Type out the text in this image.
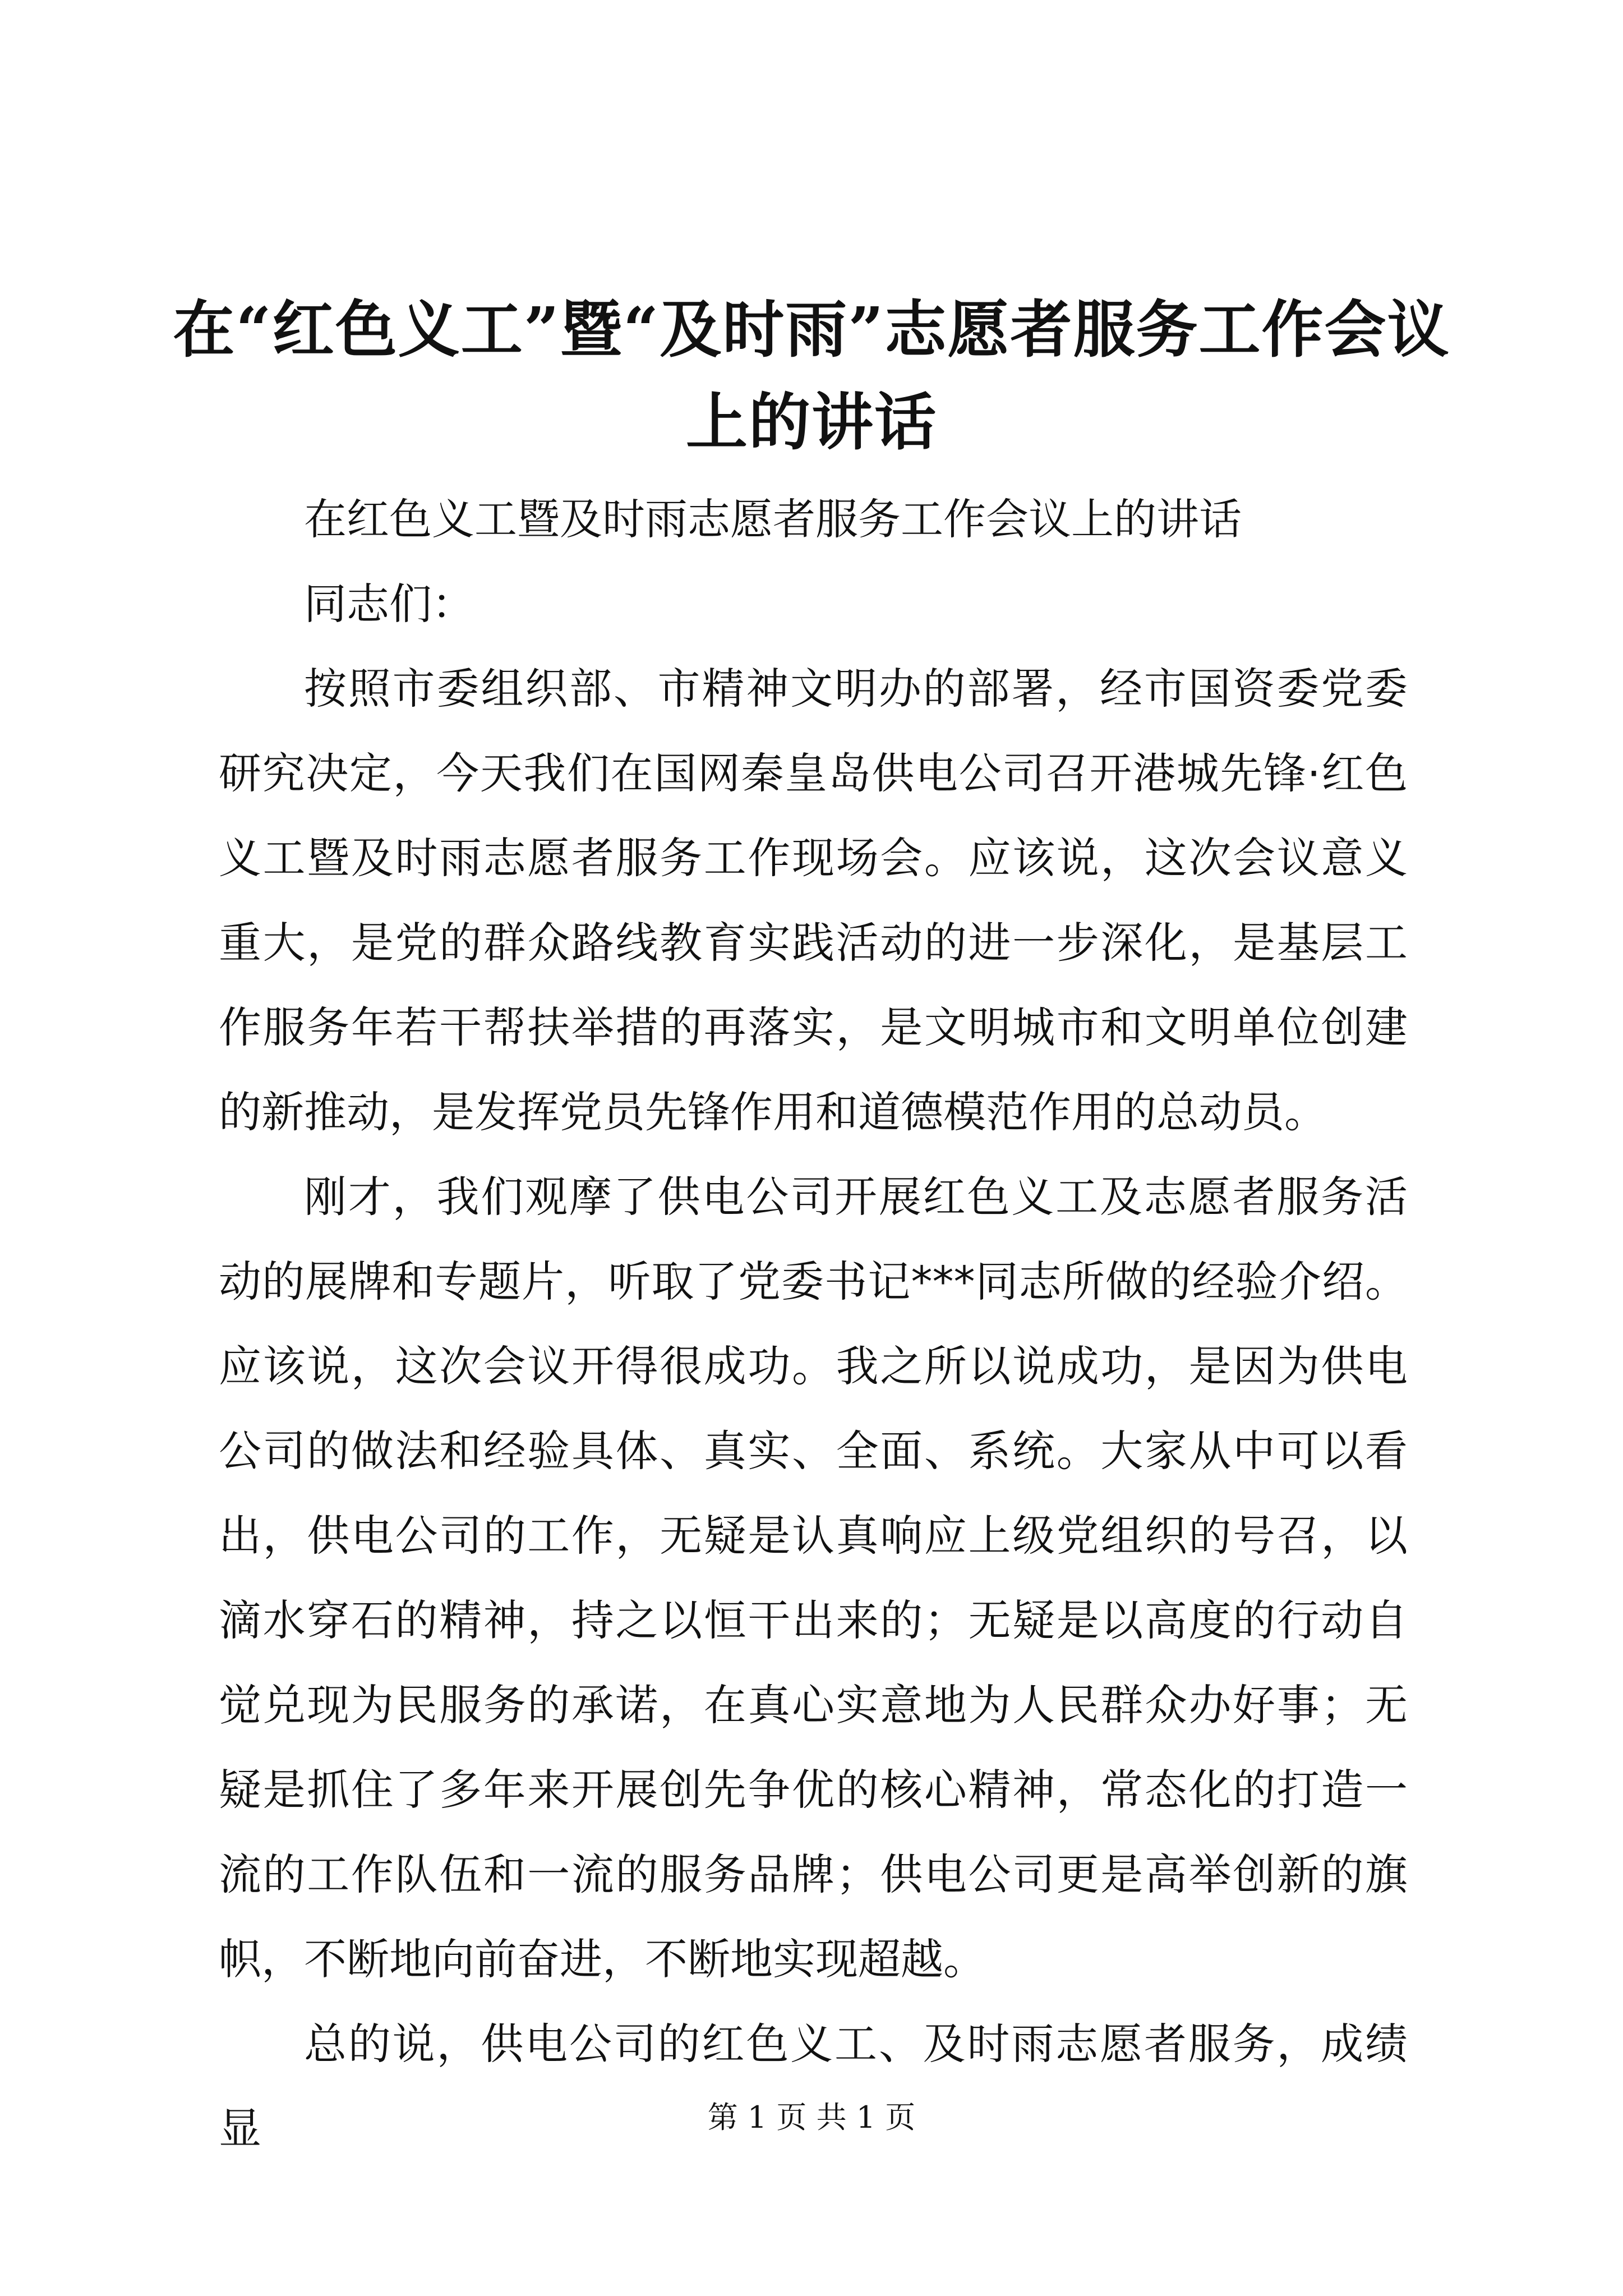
在“红色义工”暨“及时雨”志愿者服务工作会议上的讲话

在红色义工暨及时雨志愿者服务工作会议上的讲话

同志们：

按照市委组织部、市精神文明办的部署，经市国资委党委研究决定，今天我们在国网秦皇岛供电公司召开港城先锋·红色义工暨及时雨志愿者服务工作现场会。应该说，这次会议意义重大，是党的群众路线教育实践活动的进一步深化，是基层工作服务年若干帮扶举措的再落实，是文明城市和文明单位创建的新推动，是发挥党员先锋作用和道德模范作用的总动员。

刚才，我们观摩了供电公司开展红色义工及志愿者服务活动的展牌和专题片，听取了党委书记***同志所做的经验介绍。应该说，这次会议开得很成功。我之所以说成功，是因为供电公司的做法和经验具体、真实、全面、系统。大家从中可以看出，供电公司的工作，无疑是认真响应上级党组织的号召，以滴水穿石的精神，持之以恒干出来的；无疑是以高度的行动自觉兑现为民服务的承诺，在真心实意地为人民群众办好事；无疑是抓住了多年来开展创先争优的核心精神，常态化的打造一流的工作队伍和一流的服务品牌；供电公司更是高举创新的旗帜，不断地向前奋进，不断地实现超越。

总的说，供电公司的红色义工、及时雨志愿者服务，成绩显	第 1 页 共 1 页
